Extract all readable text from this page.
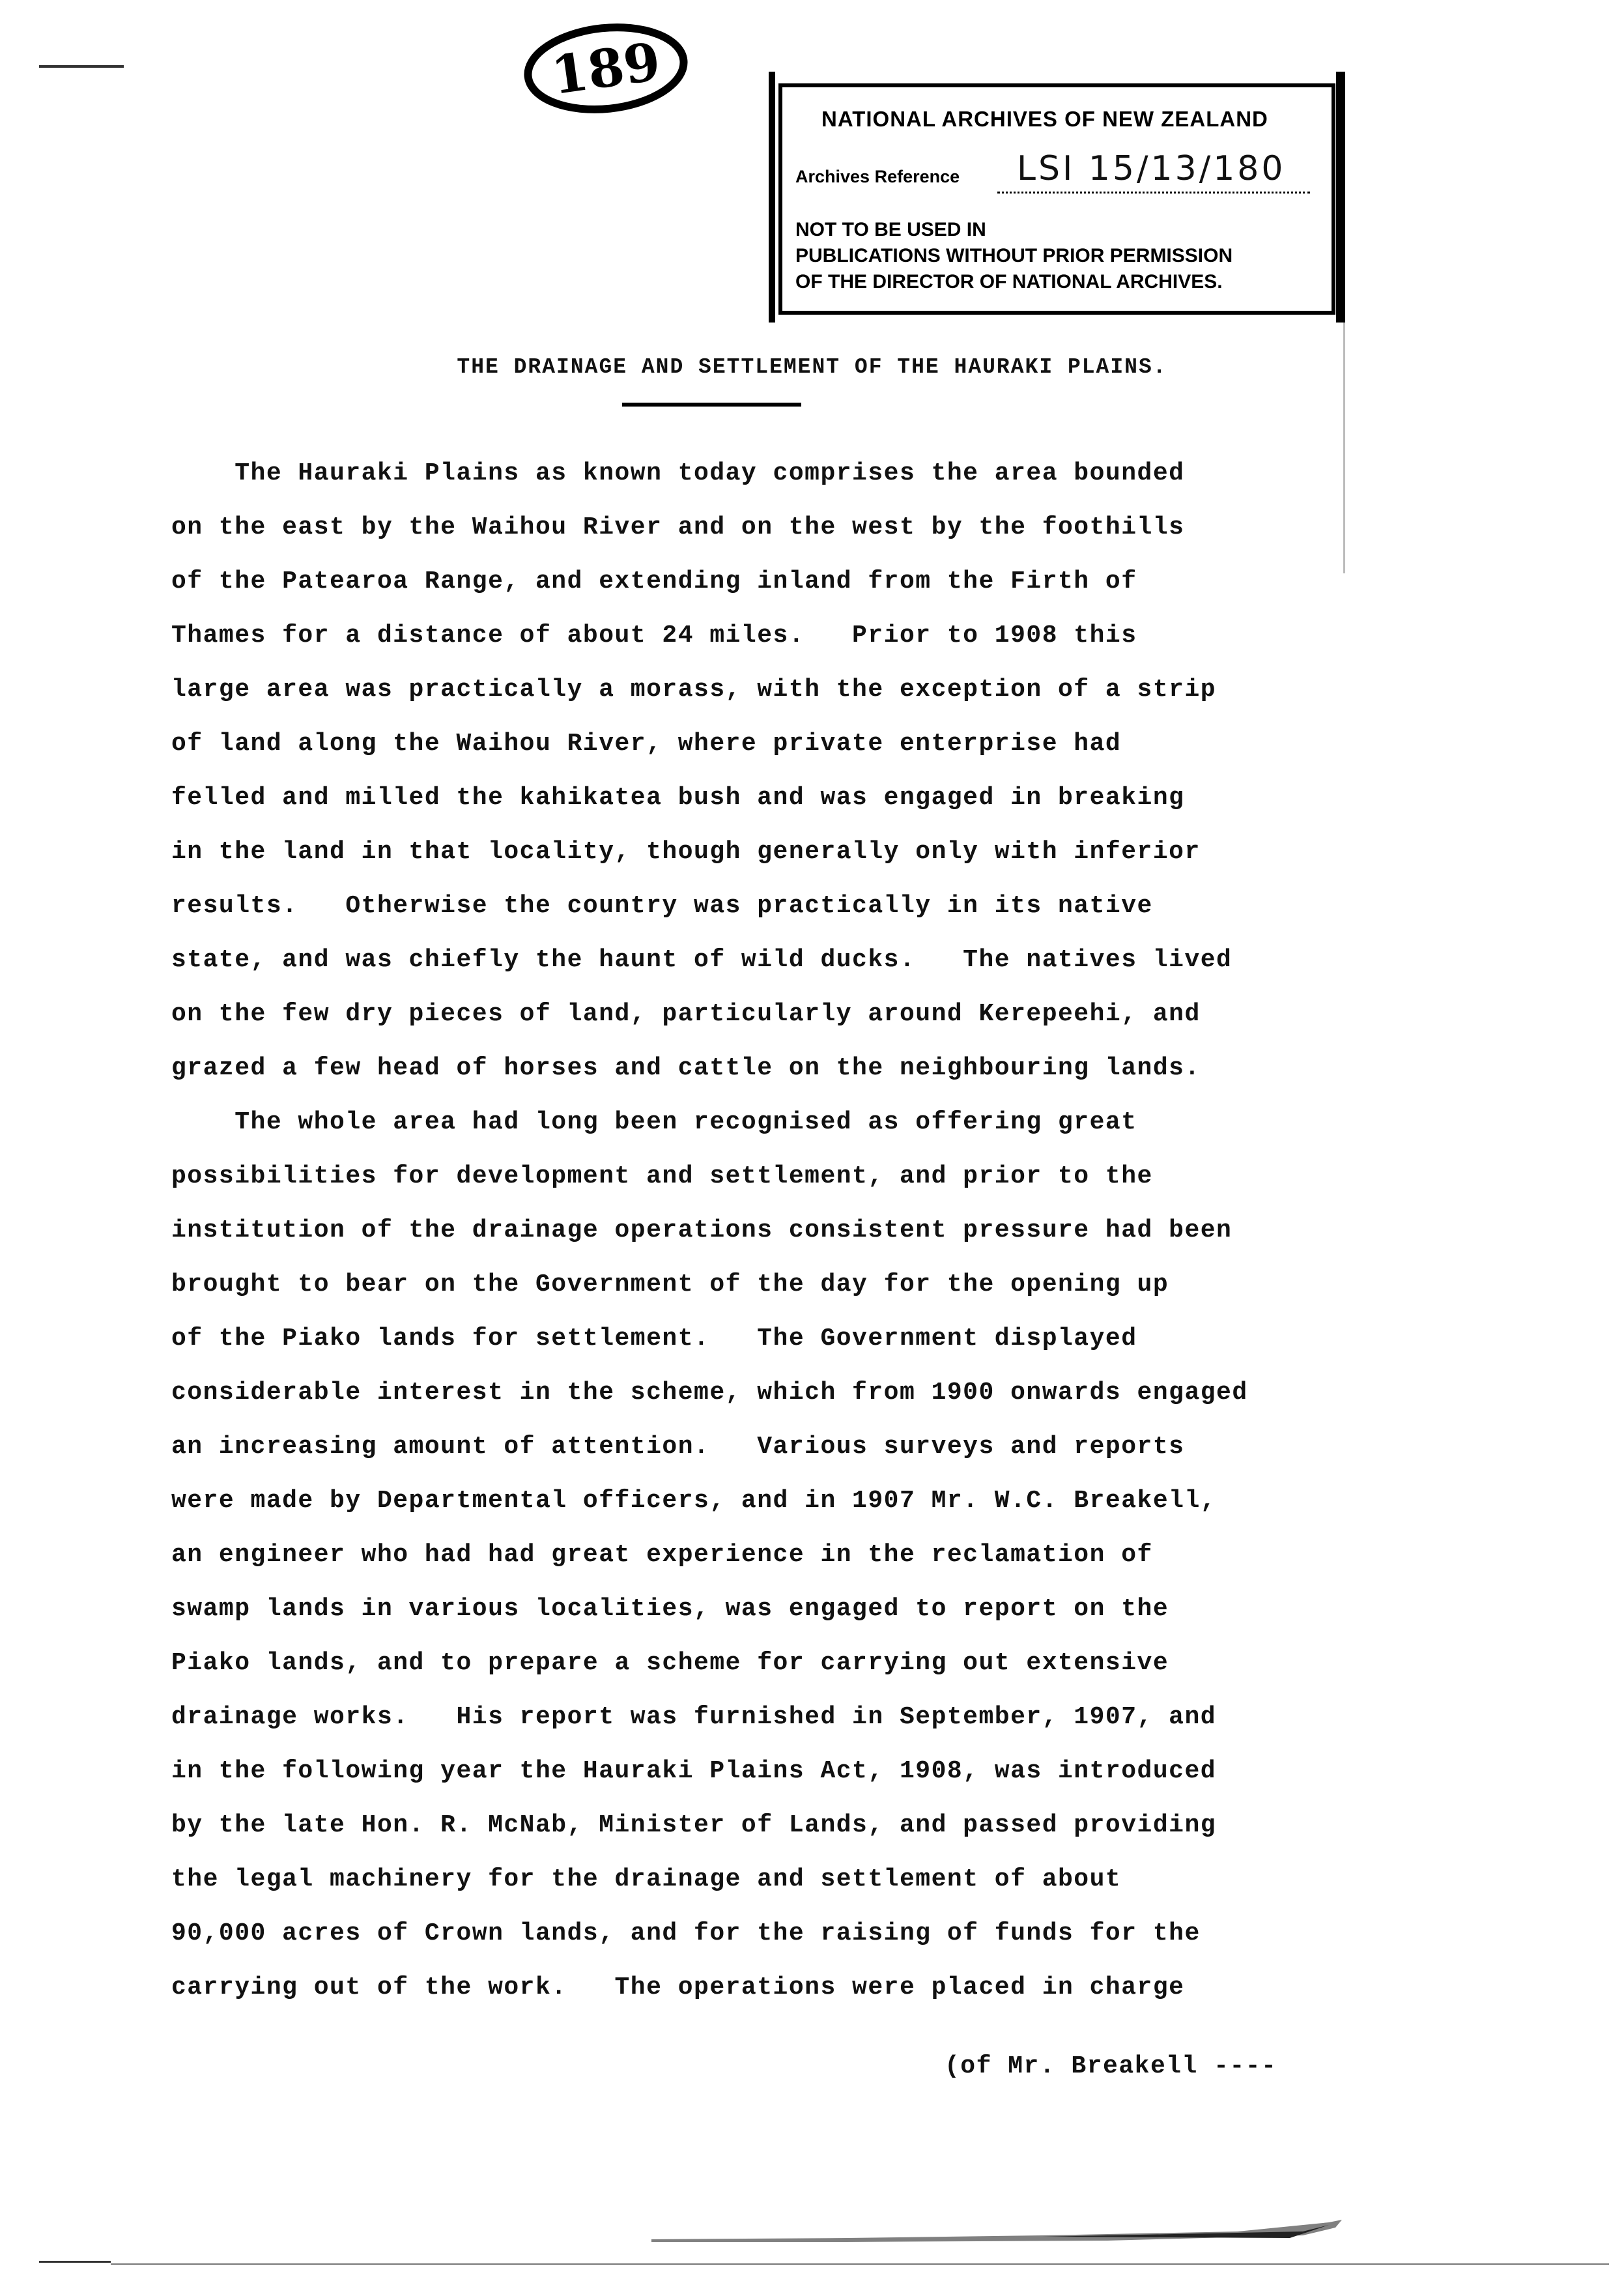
189
NATIONAL ARCHIVES OF NEW ZEALAND
Archives Reference	LSI 15/13/180
NOT TO BE USED IN
PUBLICATIONS WITHOUT PRIOR PERMISSION
OF THE DIRECTOR OF NATIONAL ARCHIVES.
THE DRAINAGE AND SETTLEMENT OF THE HAURAKI PLAINS.
The Hauraki Plains as known today comprises the area bounded
on the east by the Waihou River and on the west by the foothills
of the Patearoa Range, and extending inland from the Firth of
Thames for a distance of about 24 miles.   Prior to 1908 this
large area was practically a morass, with the exception of a strip
of land along the Waihou River, where private enterprise had
felled and milled the kahikatea bush and was engaged in breaking
in the land in that locality, though generally only with inferior
results.   Otherwise the country was practically in its native
state, and was chiefly the haunt of wild ducks.   The natives lived
on the few dry pieces of land, particularly around Kerepeehi, and
grazed a few head of horses and cattle on the neighbouring lands.
The whole area had long been recognised as offering great
possibilities for development and settlement, and prior to the
institution of the drainage operations consistent pressure had been
brought to bear on the Government of the day for the opening up
of the Piako lands for settlement.   The Government displayed
considerable interest in the scheme, which from 1900 onwards engaged
an increasing amount of attention.   Various surveys and reports
were made by Departmental officers, and in 1907 Mr. W.C. Breakell,
an engineer who had had great experience in the reclamation of
swamp lands in various localities, was engaged to report on the
Piako lands, and to prepare a scheme for carrying out extensive
drainage works.   His report was furnished in September, 1907, and
in the following year the Hauraki Plains Act, 1908, was introduced
by the late Hon. R. McNab, Minister of Lands, and passed providing
the legal machinery for the drainage and settlement of about
90,000 acres of Crown lands, and for the raising of funds for the
carrying out of the work.   The operations were placed in charge
(of Mr. Breakell ----
